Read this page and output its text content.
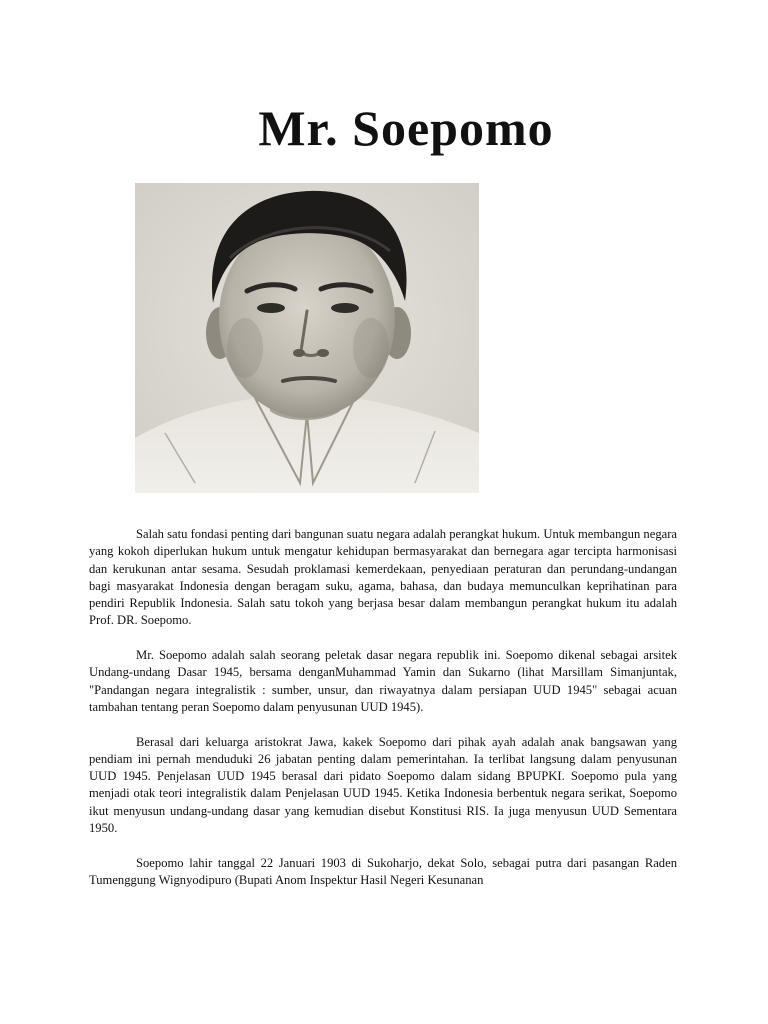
Mr. Soepomo

Salah satu fondasi penting dari bangunan suatu negara adalah perangkat hukum. Untuk membangun negara yang kokoh diperlukan hukum untuk mengatur kehidupan bermasyarakat dan bernegara agar tercipta harmonisasi dan kerukunan antar sesama. Sesudah proklamasi kemerdekaan, penyediaan peraturan dan perundang-undangan bagi masyarakat Indonesia dengan beragam suku, agama, bahasa, dan budaya memunculkan keprihatinan para pendiri Republik Indonesia. Salah satu tokoh yang berjasa besar dalam membangun perangkat hukum itu adalah Prof. DR. Soepomo.

Mr. Soepomo adalah salah seorang peletak dasar negara republik ini. Soepomo dikenal sebagai arsitek Undang-undang Dasar 1945, bersama denganMuhammad Yamin dan Sukarno (lihat Marsillam Simanjuntak, "Pandangan negara integralistik : sumber, unsur, dan riwayatnya dalam persiapan UUD 1945" sebagai acuan tambahan tentang peran Soepomo dalam penyusunan UUD 1945).

Berasal dari keluarga aristokrat Jawa, kakek Soepomo dari pihak ayah adalah anak bangsawan yang pendiam ini pernah menduduki 26 jabatan penting dalam pemerintahan. Ia terlibat langsung dalam penyusunan UUD 1945. Penjelasan UUD 1945 berasal dari pidato Soepomo dalam sidang BPUPKI. Soepomo pula yang menjadi otak teori integralistik dalam Penjelasan UUD 1945. Ketika Indonesia berbentuk negara serikat, Soepomo ikut menyusun undang-undang dasar yang kemudian disebut Konstitusi RIS. Ia juga menyusun UUD Sementara 1950.

Soepomo lahir tanggal 22 Januari 1903 di Sukoharjo, dekat Solo, sebagai putra dari pasangan Raden Tumenggung Wignyodipuro (Bupati Anom Inspektur Hasil Negeri Kesunanan
